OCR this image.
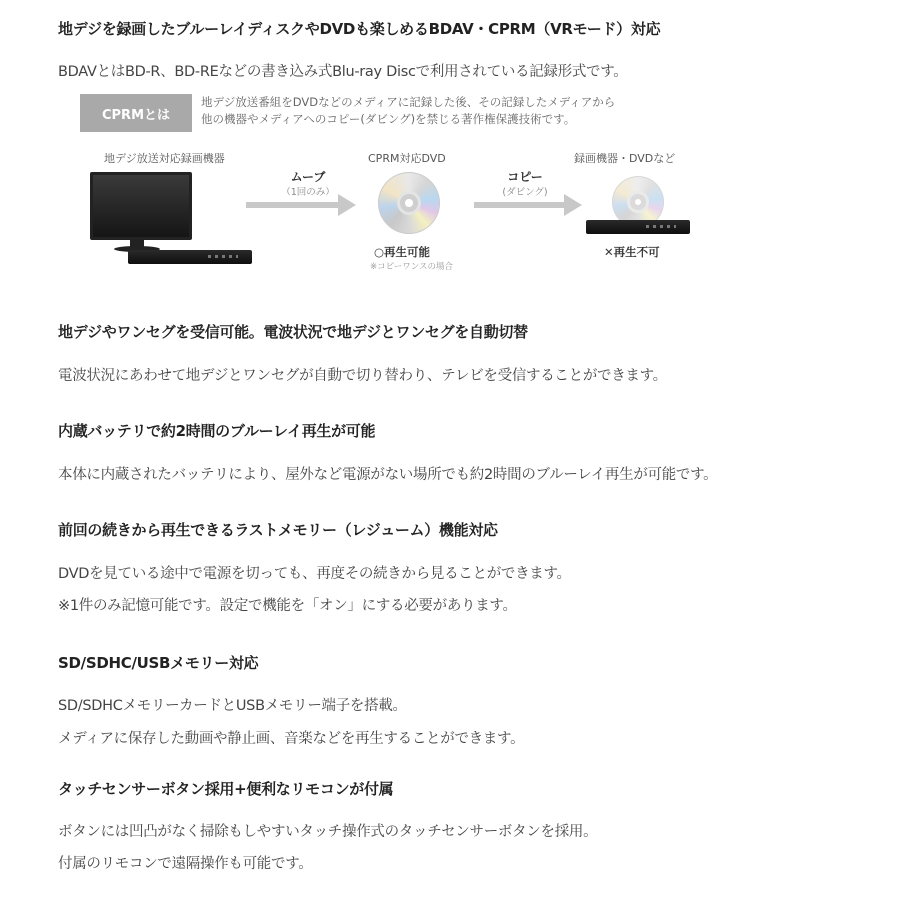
地デジを録画したブルーレイディスクやDVDも楽しめるBDAV・CPRM（VRモード）対応
BDAVとはBD-R、BD-REなどの書き込み式Blu-ray Discで利用されている記録形式です。
CPRMとは
地デジ放送番組をDVDなどのメディアに記録した後、その記録したメディアから
他の機器やメディアへのコピー(ダビング)を禁じる著作権保護技術です。
地デジ放送対応録画機器
ムーブ
（1回のみ）
CPRM対応DVD
○再生可能
※コピーワンスの場合
コピー
(ダビング)
録画機器・DVDなど
✕再生不可
地デジやワンセグを受信可能。電波状況で地デジとワンセグを自動切替
電波状況にあわせて地デジとワンセグが自動で切り替わり、テレビを受信することができます。
内蔵バッテリで約2時間のブルーレイ再生が可能
本体に内蔵されたバッテリにより、屋外など電源がない場所でも約2時間のブルーレイ再生が可能です。
前回の続きから再生できるラストメモリー（レジューム）機能対応
DVDを見ている途中で電源を切っても、再度その続きから見ることができます。
※1件のみ記憶可能です。設定で機能を「オン」にする必要があります。
SD/SDHC/USBメモリー対応
SD/SDHCメモリーカードとUSBメモリー端子を搭載。
メディアに保存した動画や静止画、音楽などを再生することができます。
タッチセンサーボタン採用+便利なリモコンが付属
ボタンには凹凸がなく掃除もしやすいタッチ操作式のタッチセンサーボタンを採用。
付属のリモコンで遠隔操作も可能です。
